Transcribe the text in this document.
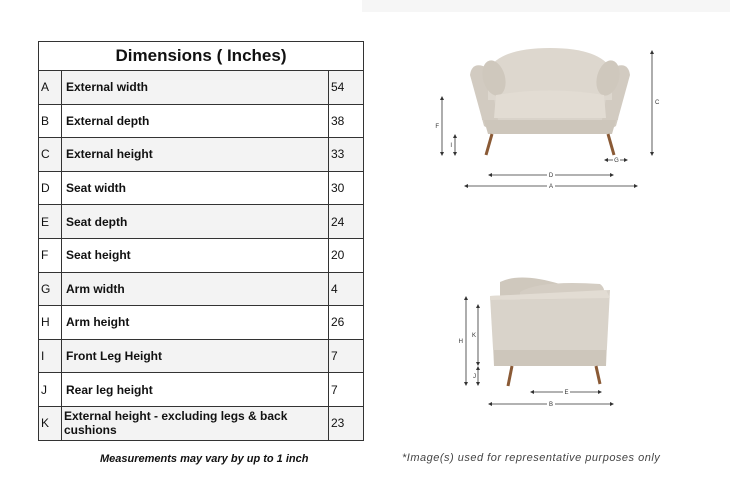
Dimensions ( Inches)		
A	External width	54
B	External depth	38
C	External height	33
D	Seat width	30
E	Seat depth	24
F	Seat height	20
G	Arm width	4
H	Arm height	26
I	Front Leg Height	7
J	Rear leg height	7
K	External height - excluding legs & back cushions	23
Measurements may vary by up to 1 inch	*Image(s) used for representative purposes only
F
I
C
G
D
A
H
K
J
E
B
